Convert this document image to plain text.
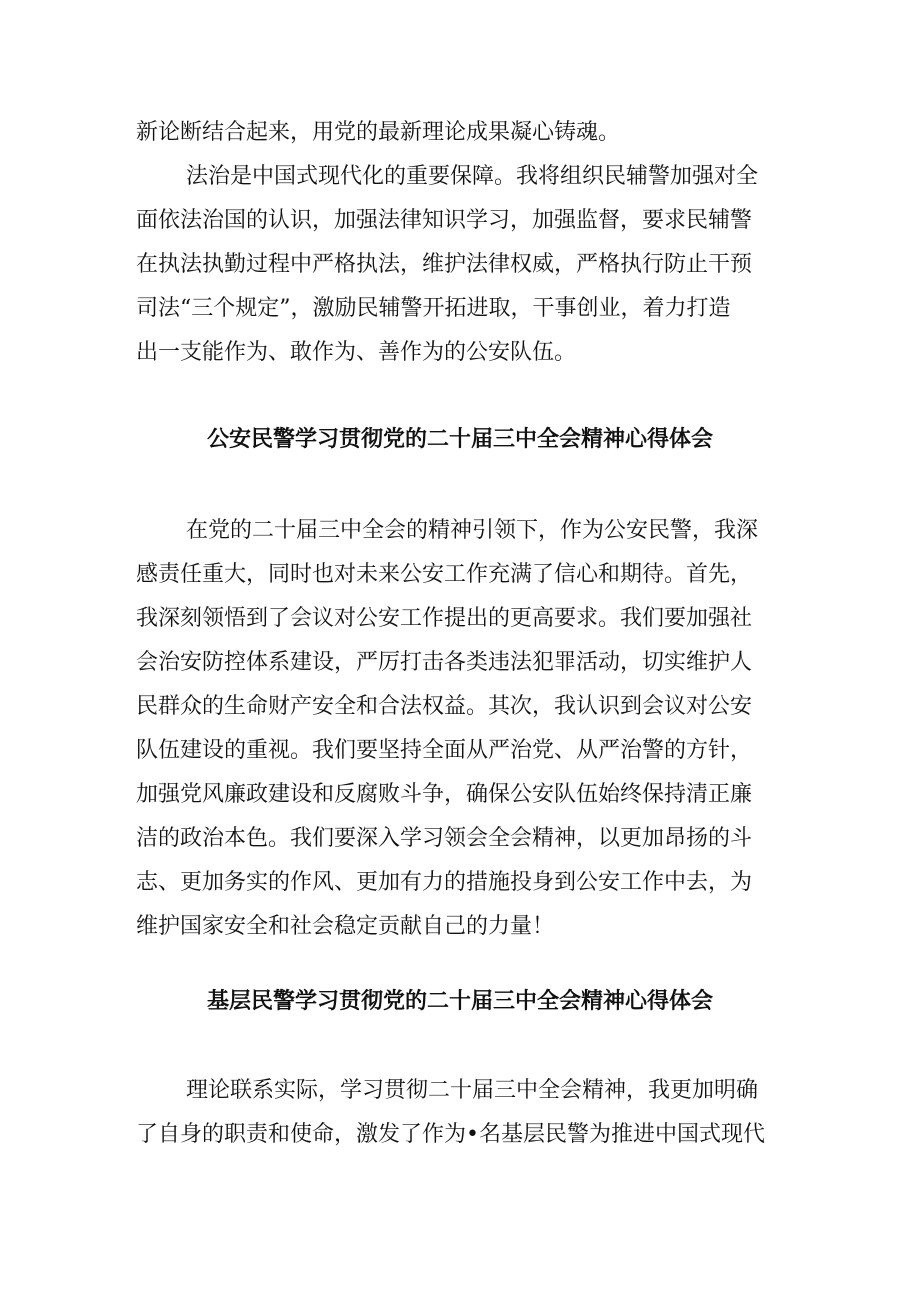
新论断结合起来，用党的最新理论成果凝心铸魂。

法治是中国式现代化的重要保障。我将组织民辅警加强对全

面依法治国的认识，加强法律知识学习，加强监督，要求民辅警

在执法执勤过程中严格执法，维护法律权威，严格执行防止干预

司法“三个规定”，激励民辅警开拓进取，干事创业，着力打造

出一支能作为、敢作为、善作为的公安队伍。

公安民警学习贯彻党的二十届三中全会精神心得体会

在党的二十届三中全会的精神引领下，作为公安民警，我深

感责任重大，同时也对未来公安工作充满了信心和期待。首先，

我深刻领悟到了会议对公安工作提出的更高要求。我们要加强社

会治安防控体系建设，严厉打击各类违法犯罪活动，切实维护人

民群众的生命财产安全和合法权益。其次，我认识到会议对公安

队伍建设的重视。我们要坚持全面从严治党、从严治警的方针，

加强党风廉政建设和反腐败斗争，确保公安队伍始终保持清正廉

洁的政治本色。我们要深入学习领会全会精神，以更加昂扬的斗

志、更加务实的作风、更加有力的措施投身到公安工作中去，为

维护国家安全和社会稳定贡献自己的力量！

基层民警学习贯彻党的二十届三中全会精神心得体会

理论联系实际，学习贯彻二十届三中全会精神，我更加明确

了自身的职责和使命，激发了作为•名基层民警为推进中国式现代
